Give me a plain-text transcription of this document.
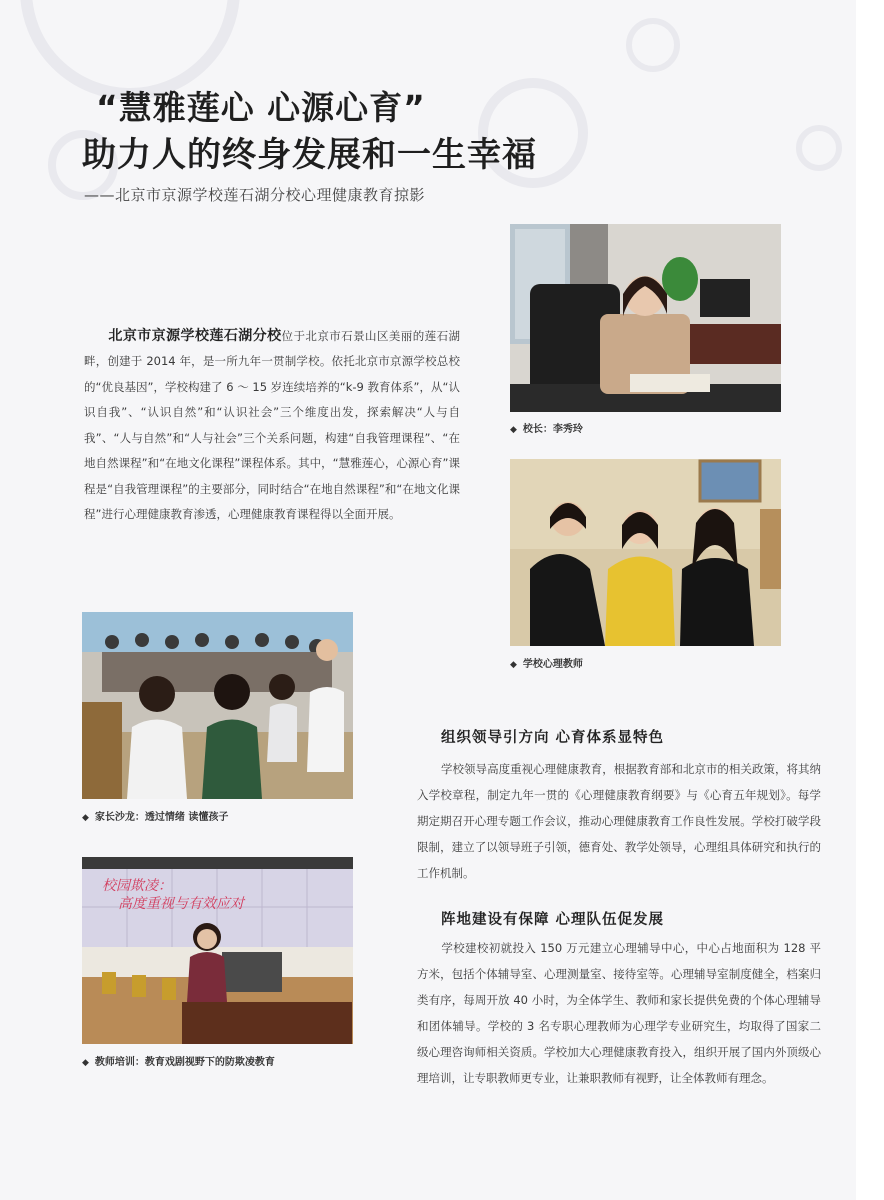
“慧雅莲心 心源心育”
助力人的终身发展和一生幸福
——北京市京源学校莲石湖分校心理健康教育掠影

北京市京源学校莲石湖分校位于北京市石景山区美丽的莲石湖畔，创建于 2014 年，是一所九年一贯制学校。依托北京市京源学校总校的“优良基因”，学校构建了 6 ～ 15 岁连续培养的“k-9 教育体系”，从“认识自我”、“认识自然”和“认识社会”三个维度出发，探索解决“人与自我”、“人与自然”和“人与社会”三个关系问题，构建“自我管理课程”、“在地自然课程”和“在地文化课程”课程体系。其中，“慧雅莲心，心源心育”课程是“自我管理课程”的主要部分，同时结合“在地自然课程”和“在地文化课程”进行心理健康教育渗透，心理健康教育课程得以全面开展。

◆ 校长：李秀玲
◆ 学校心理教师
◆ 家长沙龙：透过情绪 读懂孩子
校园欺凌：
高度重视与有效应对
◆ 教师培训：教育戏剧视野下的防欺凌教育
组织领导引方向 心育体系显特色

学校领导高度重视心理健康教育，根据教育部和北京市的相关政策，将其纳入学校章程，制定九年一贯的《心理健康教育纲要》与《心育五年规划》。每学期定期召开心理专题工作会议，推动心理健康教育工作良性发展。学校打破学段限制，建立了以领导班子引领，德育处、教学处领导，心理组具体研究和执行的工作机制。

阵地建设有保障 心理队伍促发展

学校建校初就投入 150 万元建立心理辅导中心，中心占地面积为 128 平方米，包括个体辅导室、心理测量室、接待室等。心理辅导室制度健全，档案归类有序，每周开放 40 小时，为全体学生、教师和家长提供免费的个体心理辅导和团体辅导。学校的 3 名专职心理教师为心理学专业研究生，均取得了国家二级心理咨询师相关资质。学校加大心理健康教育投入，组织开展了国内外顶级心理培训，让专职教师更专业，让兼职教师有视野，让全体教师有理念。
